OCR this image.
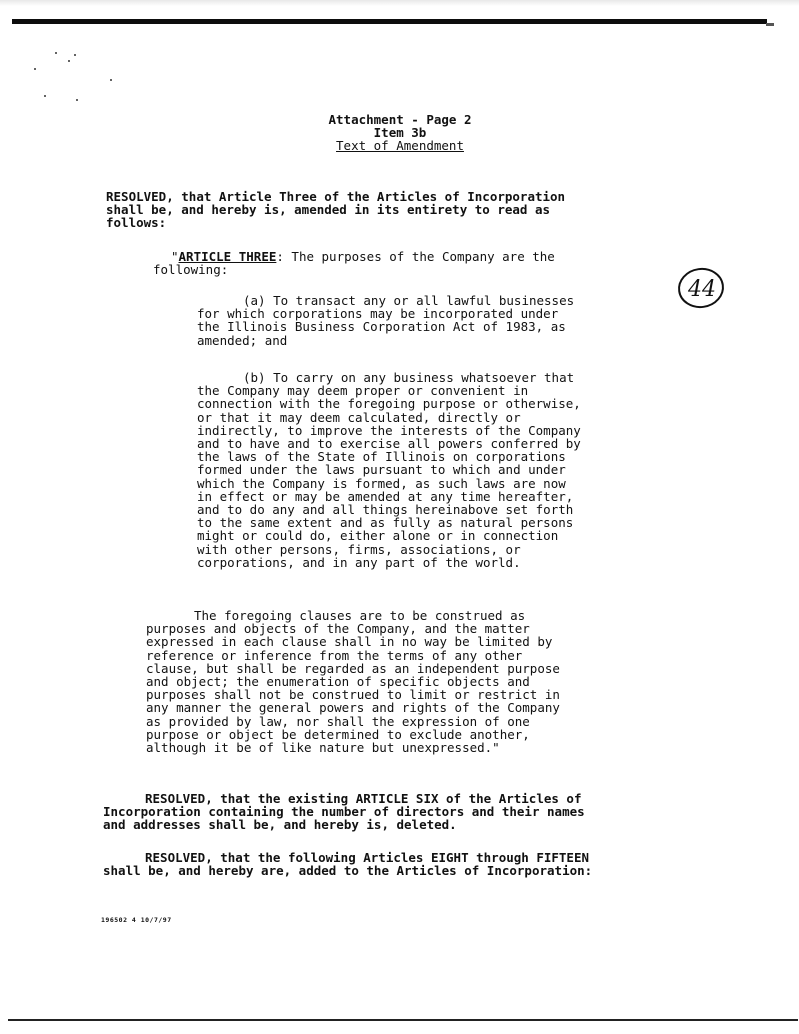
Attachment - Page 2
Item 3b
Text of Amendment
RESOLVED, that Article Three of the Articles of Incorporation
shall be, and hereby is, amended in its entirety to read as
follows:
"ARTICLE THREE: The purposes of the Company are the
following:
(a) To transact any or all lawful businesses
for which corporations may be incorporated under
the Illinois Business Corporation Act of 1983, as
amended; and
(b) To carry on any business whatsoever that
the Company may deem proper or convenient in
connection with the foregoing purpose or otherwise,
or that it may deem calculated, directly or
indirectly, to improve the interests of the Company
and to have and to exercise all powers conferred by
the laws of the State of Illinois on corporations
formed under the laws pursuant to which and under
which the Company is formed, as such laws are now
in effect or may be amended at any time hereafter,
and to do any and all things hereinabove set forth
to the same extent and as fully as natural persons
might or could do, either alone or in connection
with other persons, firms, associations, or
corporations, and in any part of the world.
The foregoing clauses are to be construed as
purposes and objects of the Company, and the matter
expressed in each clause shall in no way be limited by
reference or inference from the terms of any other
clause, but shall be regarded as an independent purpose
and object; the enumeration of specific objects and
purposes shall not be construed to limit or restrict in
any manner the general powers and rights of the Company
as provided by law, nor shall the expression of one
purpose or object be determined to exclude another,
although it be of like nature but unexpressed."
RESOLVED, that the existing ARTICLE SIX of the Articles of
Incorporation containing the number of directors and their names
and addresses shall be, and hereby is, deleted.
RESOLVED, that the following Articles EIGHT through FIFTEEN
shall be, and hereby are, added to the Articles of Incorporation:
44
196502 4 10/7/97
